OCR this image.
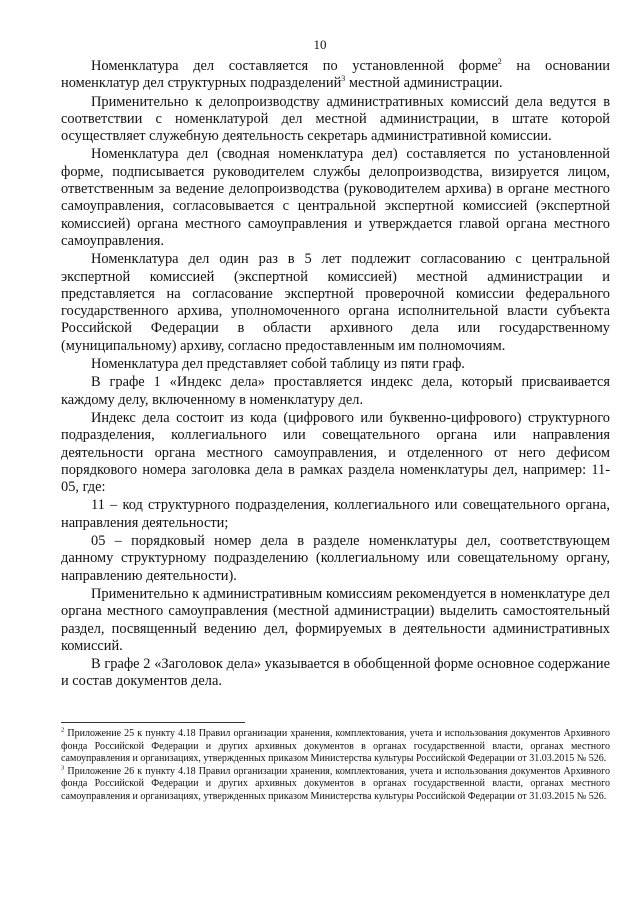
10

Номенклатура дел составляется по установленной форме$^2$ на основании номенклатур дел структурных подразделений$^3$ местной администрации.

Применительно к делопроизводству административных комиссий дела ведутся в соответствии с номенклатурой дел местной администрации, в штате которой осуществляет служебную деятельность секретарь административной комиссии.

Номенклатура дел (сводная номенклатура дел) составляется по установленной форме, подписывается руководителем службы делопроизводства, визируется лицом, ответственным за ведение делопроизводства (руководителем архива) в органе местного самоуправления, согласовывается с центральной экспертной комиссией (экспертной комиссией) органа местного самоуправления и утверждается главой органа местного самоуправления.

Номенклатура дел один раз в 5 лет подлежит согласованию с центральной экспертной комиссией (экспертной комиссией) местной администрации и представляется на согласование экспертной проверочной комиссии федерального государственного архива, уполномоченного органа исполнительной власти субъекта Российской Федерации в области архивного дела или государственному (муниципальному) архиву, согласно предоставленным им полномочиям.

Номенклатура дел представляет собой таблицу из пяти граф.

В графе 1 «Индекс дела» проставляется индекс дела, который присваивается каждому делу, включенному в номенклатуру дел.

Индекс дела состоит из кода (цифрового или буквенно-цифрового) структурного подразделения, коллегиального или совещательного органа или направления деятельности органа местного самоуправления, и отделенного от него дефисом порядкового номера заголовка дела в рамках раздела номенклатуры дел, например: 11-05, где:

11 – код структурного подразделения, коллегиального или совещательного органа, направления деятельности;

05 – порядковый номер дела в разделе номенклатуры дел, соответствующем данному структурному подразделению (коллегиальному или совещательному органу, направлению деятельности).

Применительно к административным комиссиям рекомендуется в номенклатуре дел органа местного самоуправления (местной администрации) выделить самостоятельный раздел, посвященный ведению дел, формируемых в деятельности административных комиссий.

В графе 2 «Заголовок дела» указывается в обобщенной форме основное содержание и состав документов дела.

$^2$ Приложение 25 к пункту 4.18 Правил организации хранения, комплектования, учета и использования документов Архивного фонда Российской Федерации и других архивных документов в органах государственной власти, органах местного самоуправления и организациях, утвержденных приказом Министерства культуры Российской Федерации от 31.03.2015 № 526.

$^3$ Приложение 26 к пункту 4.18 Правил организации хранения, комплектования, учета и использования документов Архивного фонда Российской Федерации и других архивных документов в органах государственной власти, органах местного самоуправления и организациях, утвержденных приказом Министерства культуры Российской Федерации от 31.03.2015 № 526.
